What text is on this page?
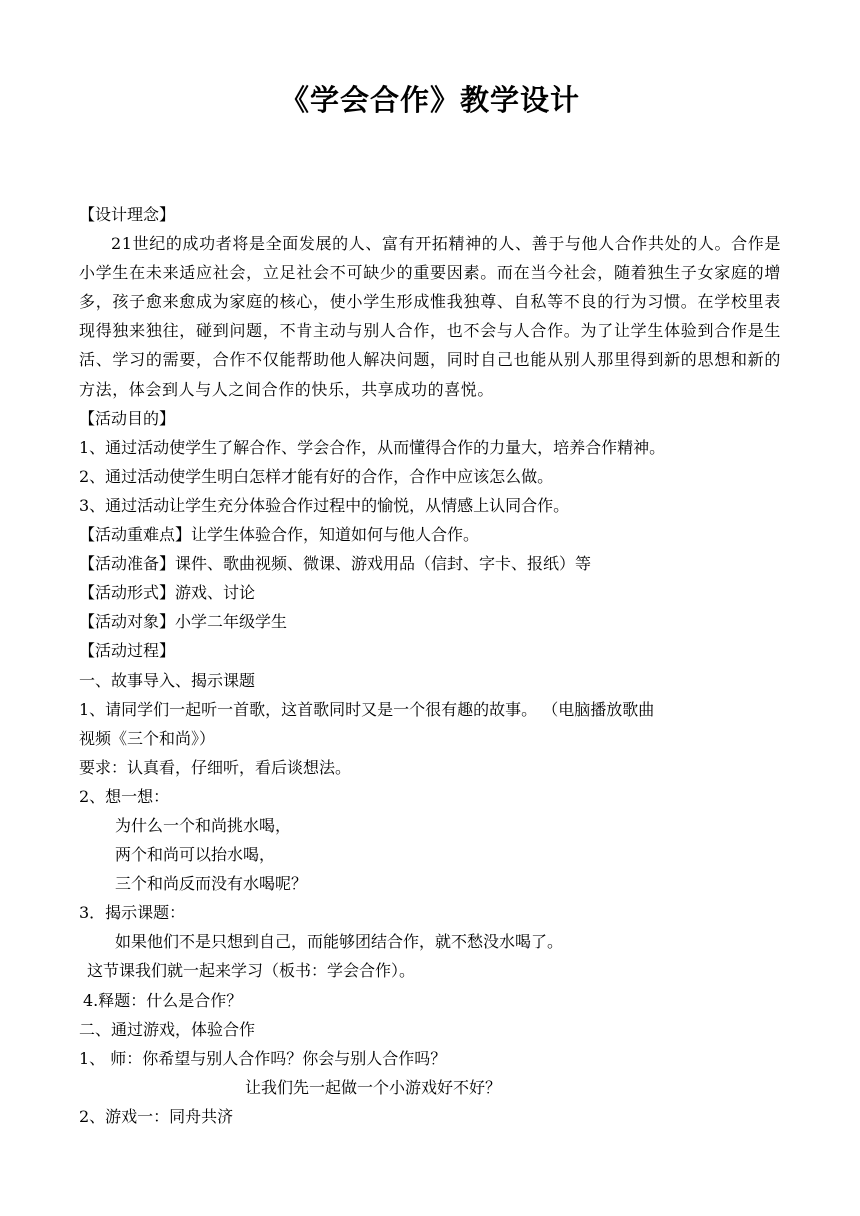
《学会合作》教学设计
【设计理念】
21世纪的成功者将是全面发展的人、富有开拓精神的人、善于与他人合作共处的人。合作是小学生在未来适应社会，立足社会不可缺少的重要因素。而在当今社会，随着独生子女家庭的增多，孩子愈来愈成为家庭的核心，使小学生形成惟我独尊、自私等不良的行为习惯。在学校里表现得独来独往，碰到问题，不肯主动与别人合作，也不会与人合作。为了让学生体验到合作是生活、学习的需要，合作不仅能帮助他人解决问题，同时自己也能从别人那里得到新的思想和新的方法，体会到人与人之间合作的快乐，共享成功的喜悦。
【活动目的】
1、通过活动使学生了解合作、学会合作，从而懂得合作的力量大，培养合作精神。
2、通过活动使学生明白怎样才能有好的合作，合作中应该怎么做。
3、通过活动让学生充分体验合作过程中的愉悦，从情感上认同合作。
【活动重难点】让学生体验合作，知道如何与他人合作。
【活动准备】课件、歌曲视频、微课、游戏用品（信封、字卡、报纸）等
【活动形式】游戏、讨论
【活动对象】小学二年级学生
【活动过程】
一、故事导入、揭示课题
1、请同学们一起听一首歌，这首歌同时又是一个很有趣的故事。 （电脑播放歌曲
视频《三个和尚》）
要求：认真看，仔细听，看后谈想法。
2、想一想：
为什么一个和尚挑水喝，
两个和尚可以抬水喝，
三个和尚反而没有水喝呢？
3．揭示课题：
如果他们不是只想到自己，而能够团结合作，就不愁没水喝了。
这节课我们就一起来学习（板书：学会合作）。
4.释题：什么是合作？
二、通过游戏，体验合作
1、 师：你希望与别人合作吗？你会与别人合作吗？
让我们先一起做一个小游戏好不好？
2、游戏一：同舟共济
